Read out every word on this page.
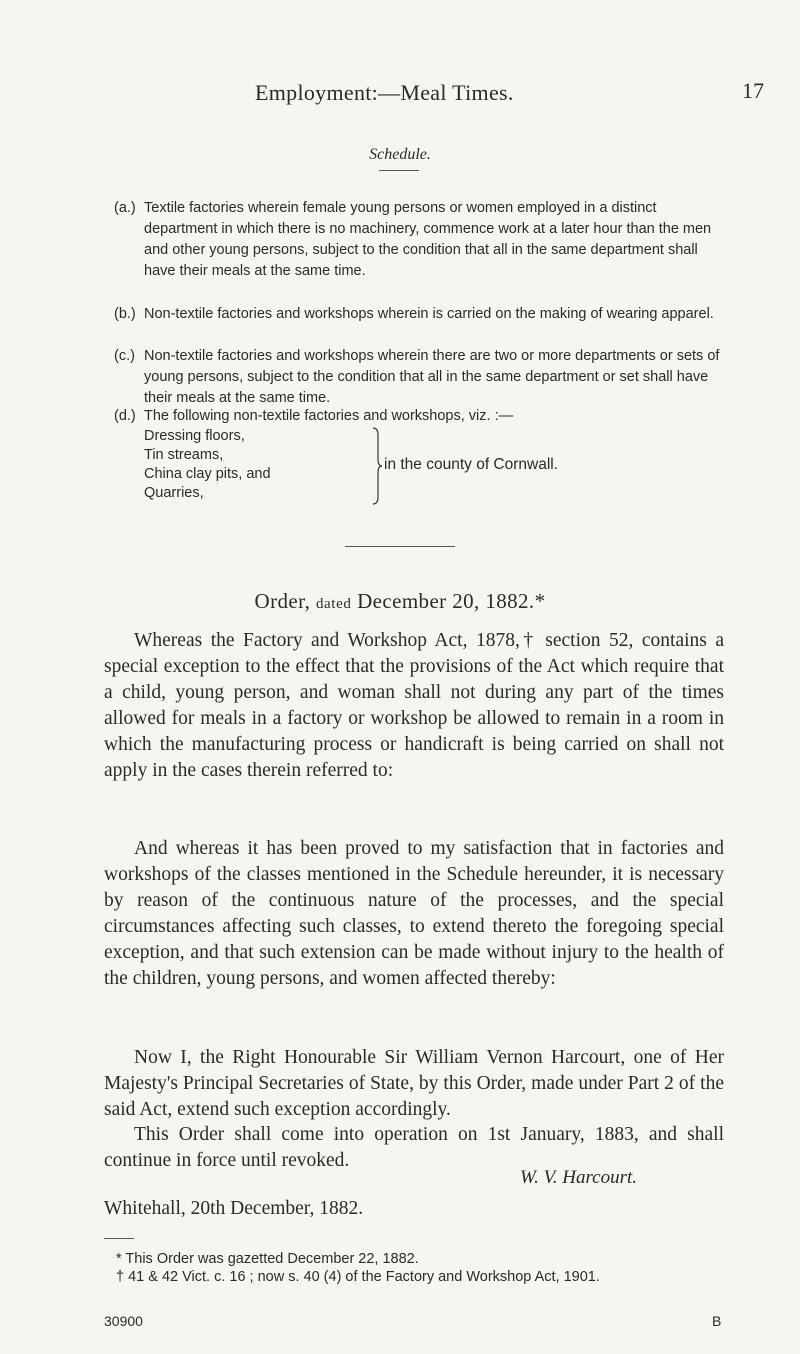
Employment:—Meal Times.	17
Schedule.
(a.) Textile factories wherein female young persons or women employed in a distinct department in which there is no machinery, commence work at a later hour than the men and other young persons, subject to the condition that all in the same department shall have their meals at the same time.
(b.) Non-textile factories and workshops wherein is carried on the making of wearing apparel.
(c.) Non-textile factories and workshops wherein there are two or more departments or sets of young persons, subject to the condition that all in the same department or set shall have their meals at the same time.
(d.) The following non-textile factories and workshops, viz. :—
Dressing floors,
Tin streams,
China clay pits, and
Quarries,
in the county of Cornwall.
Order, dated December 20, 1882.*

Whereas the Factory and Workshop Act, 1878,† section 52, contains a special exception to the effect that the provisions of the Act which require that a child, young person, and woman shall not during any part of the times allowed for meals in a factory or workshop be allowed to remain in a room in which the manufacturing process or handicraft is being carried on shall not apply in the cases therein referred to:

And whereas it has been proved to my satisfaction that in factories and workshops of the classes mentioned in the Schedule hereunder, it is necessary by reason of the continuous nature of the processes, and the special circumstances affecting such classes, to extend thereto the foregoing special exception, and that such extension can be made without injury to the health of the children, young persons, and women affected thereby:

Now I, the Right Honourable Sir William Vernon Harcourt, one of Her Majesty's Principal Secretaries of State, by this Order, made under Part 2 of the said Act, extend such exception accordingly.

This Order shall come into operation on 1st January, 1883, and shall continue in force until revoked.

W. V. Harcourt.
Whitehall, 20th December, 1882.
* This Order was gazetted December 22, 1882.
† 41 & 42 Vict. c. 16 ; now s. 40 (4) of the Factory and Workshop Act, 1901.
30900	B
